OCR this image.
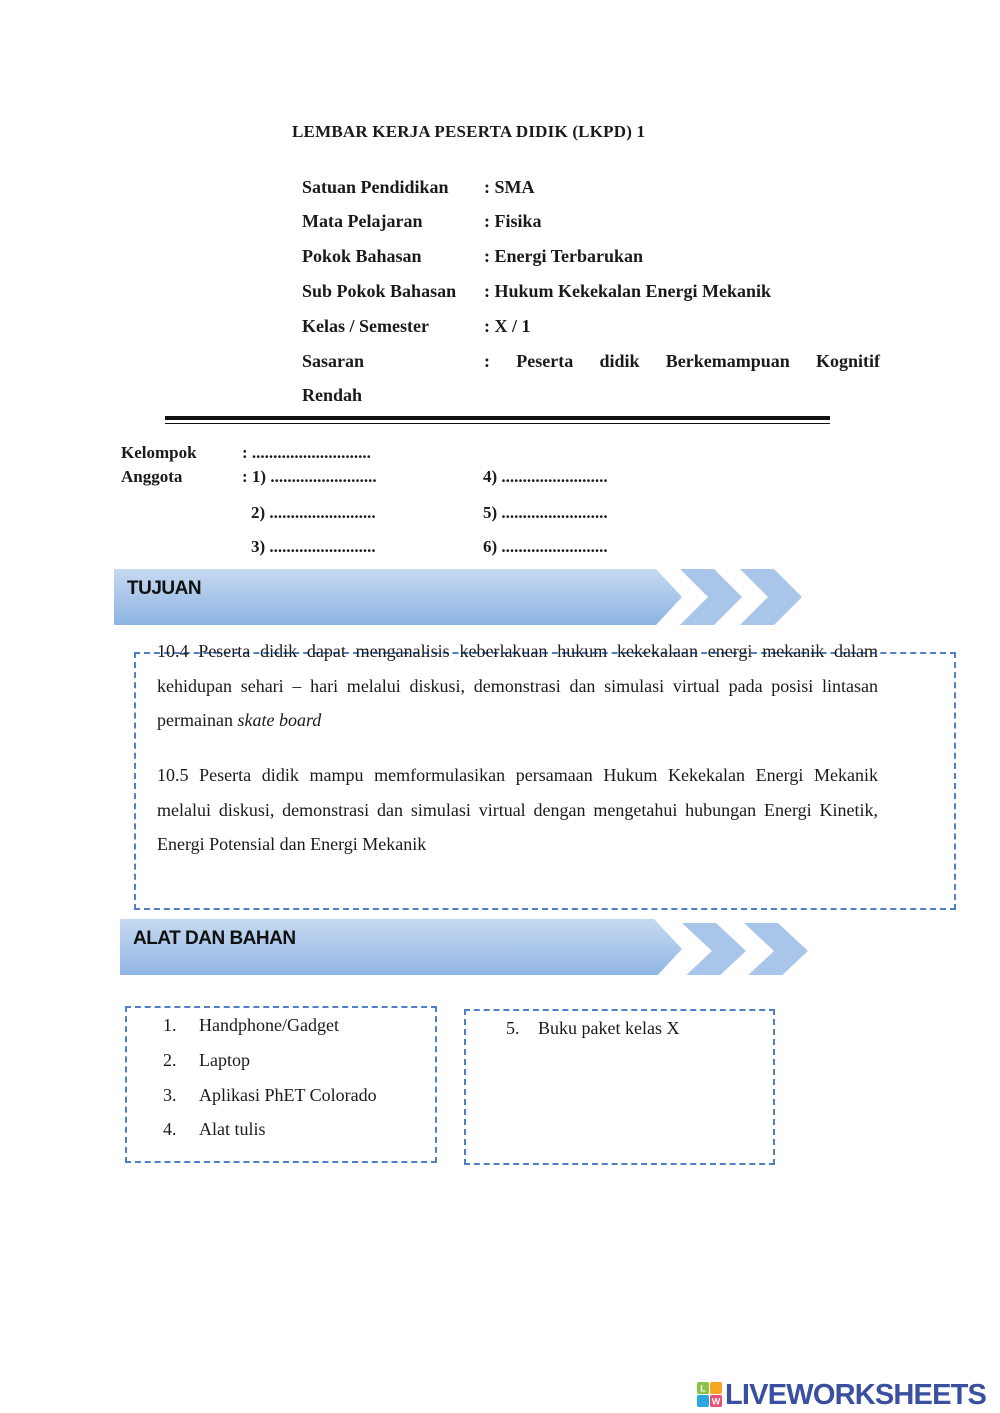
LEMBAR KERJA PESERTA DIDIK (LKPD) 1
Satuan Pendidikan : SMA
Mata Pelajaran	: Fisika
Pokok Bahasan	: Energi Terbarukan
Sub Pokok Bahasan : Hukum Kekekalan Energi Mekanik
Kelas / Semester	: X / 1
Sasaran	: Peserta didik Berkemampuan Kognitif
Rendah
Kelompok	: ............................
Anggota	: 1) .........................
2) .........................
3) .........................
4) .........................
5) .........................
6) .........................
TUJUAN
10.4 Peserta didik dapat menganalisis keberlakuan hukum kekekalaan energi mekanik dalam kehidupan sehari – hari melalui diskusi, demonstrasi dan simulasi virtual pada posisi lintasan permainan skate board
10.5 Peserta didik mampu memformulasikan persamaan Hukum Kekekalan Energi Mekanik melalui diskusi, demonstrasi dan simulasi virtual dengan mengetahui hubungan Energi Kinetik, Energi Potensial dan Energi Mekanik
ALAT DAN BAHAN
1. Handphone/Gadget
2. Laptop
3. Aplikasi PhET Colorado
4. Alat tulis
5. Buku paket kelas X
L
W LIVEWORKSHEETS
